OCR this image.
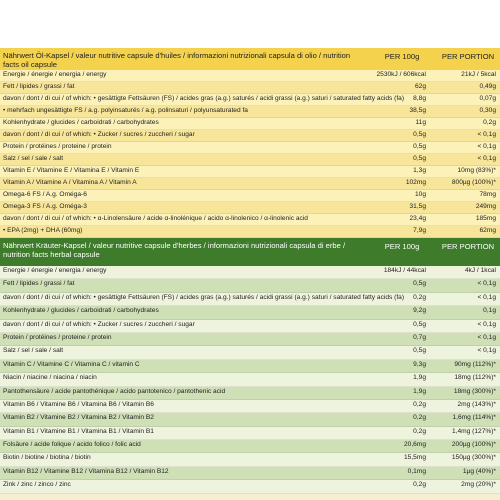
Nährwert Öl-Kapsel / valeur nutritive capsule d'huiles / informazioni nutrizionali capsula di olio / nutrition facts oil capsule
PER 100g	PER PORTION
Energie / énergie / energia / energy	2530kJ / 606kcal	21kJ / 5kcal
Fett / lipides / grassi / fat	62g	0,49g
davon / dont / di cui / of which: • gesättigte Fettsäuren (FS) / acides gras (a.g.) saturés / acidi grassi (a.g.) saturi / saturated fatty acids (fa)	8,8g	0,07g
• mehrfach ungesättigte FS / a.g. polyinsaturés / a.g. polinsaturi / polyunsaturated fa	38,5g	0,30g
Kohlenhydrate / glucides / carboidrati / carbohydrates	11g	0,2g
davon / dont / di cui / of which: • Zucker / sucres / zuccheri / sugar	0,5g	< 0,1g
Protein / protéines / proteine / protein	0,5g	< 0,1g
Salz / sel / sale / salt	0,5g	< 0,1g
Vitamin E / Vitamine E / Vitamina E / Vitamin E	1,3g	10mg (83%)*
Vitamin A / Vitamine A / Vitamina A / Vitamin A	102mg	800µg (100%)*
Omega-6 FS / A.g. Oméga-6	10g	78mg
Omega-3 FS / A.g. Oméga-3	31,5g	249mg
davon / dont / di cui / of which: • α-Linolensäure / acide α-linolénique / acido α-linolenico / α-linolenic acid	23,4g	185mg
• EPA (2mg) + DHA (60mg)	7,9g	62mg
Nährwert Kräuter-Kapsel / valeur nutritive capsule d'herbes / informazioni nutrizionali capsula di erbe / nutrition facts herbal capsule
PER 100g	PER PORTION
Energie / énergie / energia / energy	184kJ / 44kcal	4kJ / 1kcal
Fett / lipides / grassi / fat	0,5g	< 0,1g
davon / dont / di cui / of which: • gesättigte Fettsäuren (FS) / acides gras (a.g.) saturés / acidi grassi (a.g.) saturi / saturated fatty acids (fa)	0,2g	< 0,1g
Kohlenhydrate / glucides / carboidrati / carbohydrates	9,2g	0,1g
davon / dont / di cui / of which: • Zucker / sucres / zuccheri / sugar	0,5g	< 0,1g
Protein / protéines / proteine / protein	0,7g	< 0,1g
Salz / sel / sale / salt	0,5g	< 0,1g
Vitamin C / Vitamine C / Vitamina C / vitamin C	9,3g	90mg (112%)*
Niacin / niacine / niacina / niacin	1,9g	18mg (112%)*
Pantothensäure / acide pantothénique / acido pantotenico / pantothenic acid	1,9g	18mg (300%)*
Vitamin B6 / Vitamine B6 / Vitamina B6 / Vitamin B6	0,2g	2mg (143%)*
Vitamin B2 / Vitamine B2 / Vitamina B2 / Vitamin B2	0,2g	1,6mg (114%)*
Vitamin B1 / Vitamine B1 / Vitamina B1 / Vitamin B1	0,2g	1,4mg (127%)*
Folsäure / acide folique / acido folico / folic acid	20,6mg	200µg (100%)*
Biotin / biotine / biotina / biotin	15,5mg	150µg (300%)*
Vitamin B12 / Vitamine B12 / Vitamina B12 / Vitamin B12	0,1mg	1µg (40%)*
Zink / zinc / zinco / zinc	0,2g	2mg (20%)*
